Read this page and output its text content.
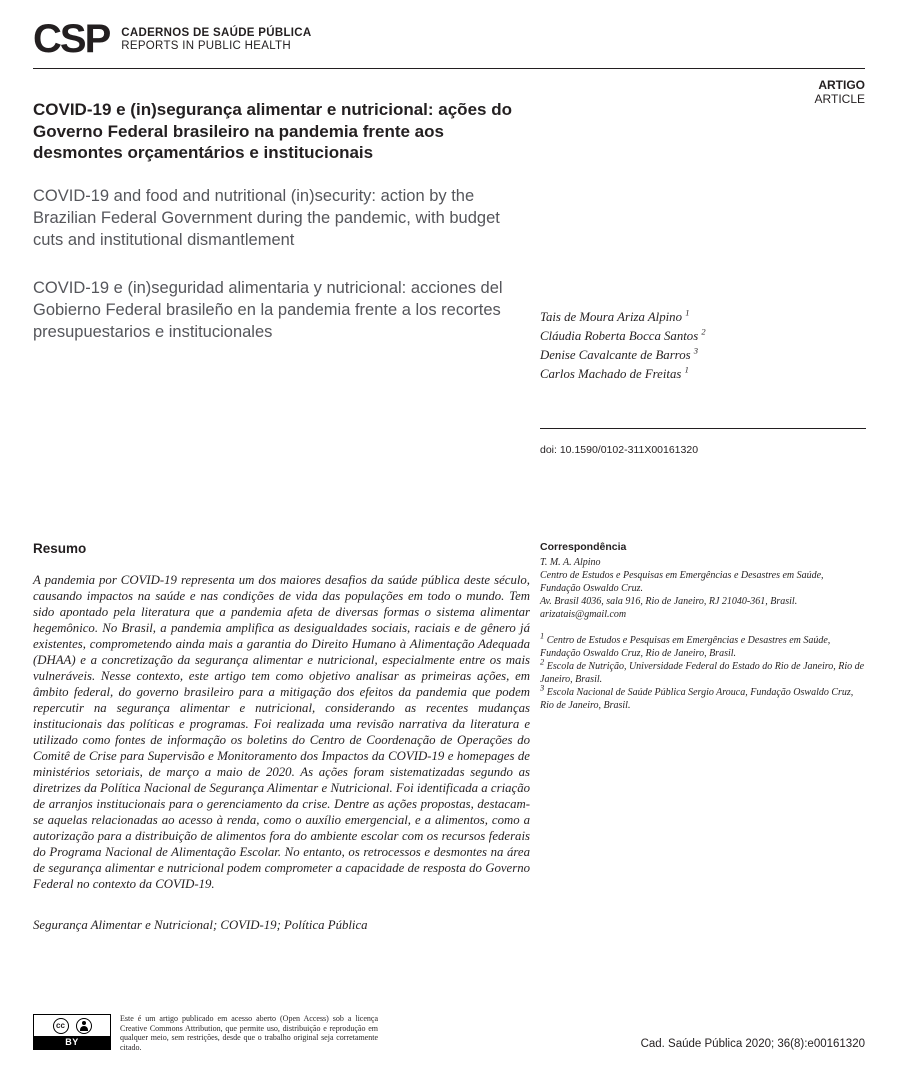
CSP CADERNOS DE SAÚDE PÚBLICA
REPORTS IN PUBLIC HEALTH
ARTIGO
ARTICLE
COVID-19 e (in)segurança alimentar e nutricional: ações do Governo Federal brasileiro na pandemia frente aos desmontes orçamentários e institucionais
COVID-19 and food and nutritional (in)security: action by the Brazilian Federal Government during the pandemic, with budget cuts and institutional dismantlement
COVID-19 e (in)seguridad alimentaria y nutricional: acciones del Gobierno Federal brasileño en la pandemia frente a los recortes presupuestarios e institucionales
Tais de Moura Ariza Alpino $^1$
Cláudia Roberta Bocca Santos $^2$
Denise Cavalcante de Barros $^3$
Carlos Machado de Freitas $^1$
doi: 10.1590/0102-311X00161320
Resumo
A pandemia por COVID-19 representa um dos maiores desafios da saúde pública deste século, causando impactos na saúde e nas condições de vida das populações em todo o mundo. Tem sido apontado pela literatura que a pandemia afeta de diversas formas o sistema alimentar hegemônico. No Brasil, a pandemia amplifica as desigualdades sociais, raciais e de gênero já existentes, comprometendo ainda mais a garantia do Direito Humano à Alimentação Adequada (DHAA) e a concretização da segurança alimentar e nutricional, especialmente entre os mais vulneráveis. Nesse contexto, este artigo tem como objetivo analisar as primeiras ações, em âmbito federal, do governo brasileiro para a mitigação dos efeitos da pandemia que podem repercutir na segurança alimentar e nutricional, considerando as recentes mudanças institucionais das políticas e programas. Foi realizada uma revisão narrativa da literatura e utilizado como fontes de informação os boletins do Centro de Coordenação de Operações do Comitê de Crise para Supervisão e Monitoramento dos Impactos da COVID-19 e homepages de ministérios setoriais, de março a maio de 2020. As ações foram sistematizadas segundo as diretrizes da Política Nacional de Segurança Alimentar e Nutricional. Foi identificada a criação de arranjos institucionais para o gerenciamento da crise. Dentre as ações propostas, destacam-se aquelas relacionadas ao acesso à renda, como o auxílio emergencial, e a alimentos, como a autorização para a distribuição de alimentos fora do ambiente escolar com os recursos federais do Programa Nacional de Alimentação Escolar. No entanto, os retrocessos e desmontes na área de segurança alimentar e nutricional podem comprometer a capacidade de resposta do Governo Federal no contexto da COVID-19.
Segurança Alimentar e Nutricional; COVID-19; Política Pública
Correspondência
T. M. A. Alpino
Centro de Estudos e Pesquisas em Emergências e Desastres em Saúde, Fundação Oswaldo Cruz.
Av. Brasil 4036, sala 916, Rio de Janeiro, RJ 21040-361, Brasil.
arizatais@gmail.com
$^1$ Centro de Estudos e Pesquisas em Emergências e Desastres em Saúde, Fundação Oswaldo Cruz, Rio de Janeiro, Brasil.
$^2$ Escola de Nutrição, Universidade Federal do Estado do Rio de Janeiro, Rio de Janeiro, Brasil.
$^3$ Escola Nacional de Saúde Pública Sergio Arouca, Fundação Oswaldo Cruz, Rio de Janeiro, Brasil.
cc
BY
Este é um artigo publicado em acesso aberto (Open Access) sob a licença Creative Commons Attribution, que permite uso, distribuição e reprodução em qualquer meio, sem restrições, desde que o trabalho original seja corretamente citado.	Cad. Saúde Pública 2020; 36(8):e00161320
